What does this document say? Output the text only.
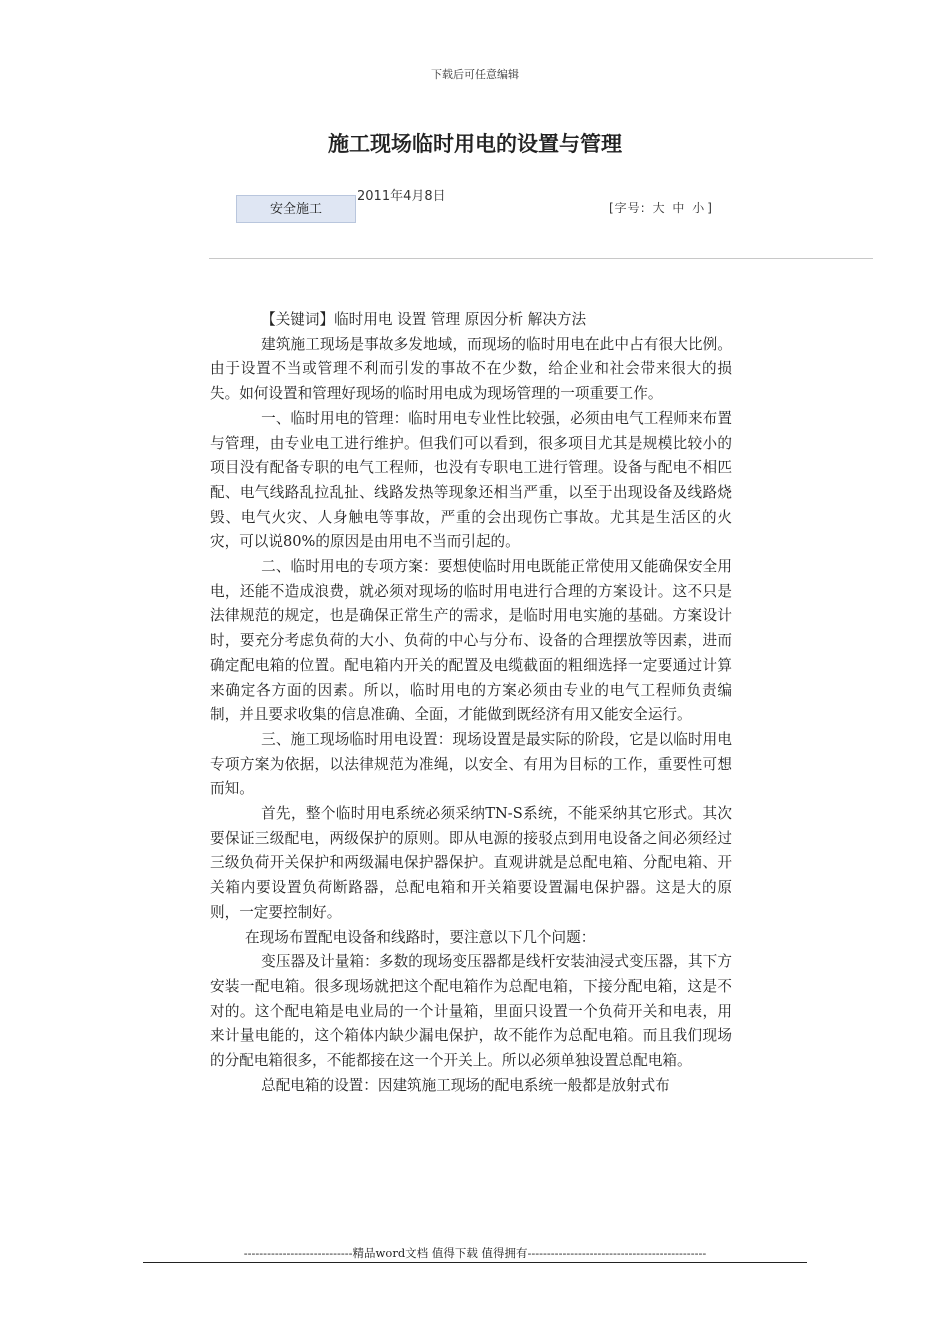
下载后可任意编辑
施工现场临时用电的设置与管理
安全施工
2011年4月8日
[字号: 大 中 小 ]

【关键词】临时用电 设置 管理 原因分析 解决方法

建筑施工现场是事故多发地域，而现场的临时用电在此中占有很大比例。由于设置不当或管理不利而引发的事故不在少数，给企业和社会带来很大的损失。如何设置和管理好现场的临时用电成为现场管理的一项重要工作。

一、临时用电的管理：临时用电专业性比较强，必须由电气工程师来布置与管理，由专业电工进行维护。但我们可以看到，很多项目尤其是规模比较小的项目没有配备专职的电气工程师，也没有专职电工进行管理。设备与配电不相匹配、电气线路乱拉乱扯、线路发热等现象还相当严重，以至于出现设备及线路烧毁、电气火灾、人身触电等事故，严重的会出现伤亡事故。尤其是生活区的火灾，可以说80%的原因是由用电不当而引起的。

二、临时用电的专项方案：要想使临时用电既能正常使用又能确保安全用电，还能不造成浪费，就必须对现场的临时用电进行合理的方案设计。这不只是法律规范的规定，也是确保正常生产的需求，是临时用电实施的基础。方案设计时，要充分考虑负荷的大小、负荷的中心与分布、设备的合理摆放等因素，进而确定配电箱的位置。配电箱内开关的配置及电缆截面的粗细选择一定要通过计算来确定各方面的因素。所以，临时用电的方案必须由专业的电气工程师负责编制，并且要求收集的信息准确、全面，才能做到既经济有用又能安全运行。

三、施工现场临时用电设置：现场设置是最实际的阶段，它是以临时用电专项方案为依据，以法律规范为准绳，以安全、有用为目标的工作，重要性可想而知。

首先，整个临时用电系统必须采纳TN-S系统，不能采纳其它形式。其次要保证三级配电，两级保护的原则。即从电源的接驳点到用电设备之间必须经过三级负荷开关保护和两级漏电保护器保护。直观讲就是总配电箱、分配电箱、开关箱内要设置负荷断路器，总配电箱和开关箱要设置漏电保护器。这是大的原则，一定要控制好。

在现场布置配电设备和线路时，要注意以下几个问题：

变压器及计量箱：多数的现场变压器都是线杆安装油浸式变压器，其下方安装一配电箱。很多现场就把这个配电箱作为总配电箱，下接分配电箱，这是不对的。这个配电箱是电业局的一个计量箱，里面只设置一个负荷开关和电表，用来计量电能的，这个箱体内缺少漏电保护，故不能作为总配电箱。而且我们现场的分配电箱很多，不能都接在这一个开关上。所以必须单独设置总配电箱。

总配电箱的设置：因建筑施工现场的配电系统一般都是放射式布

----------------------------精品word文档 值得下载 值得拥有----------------------------------------------
